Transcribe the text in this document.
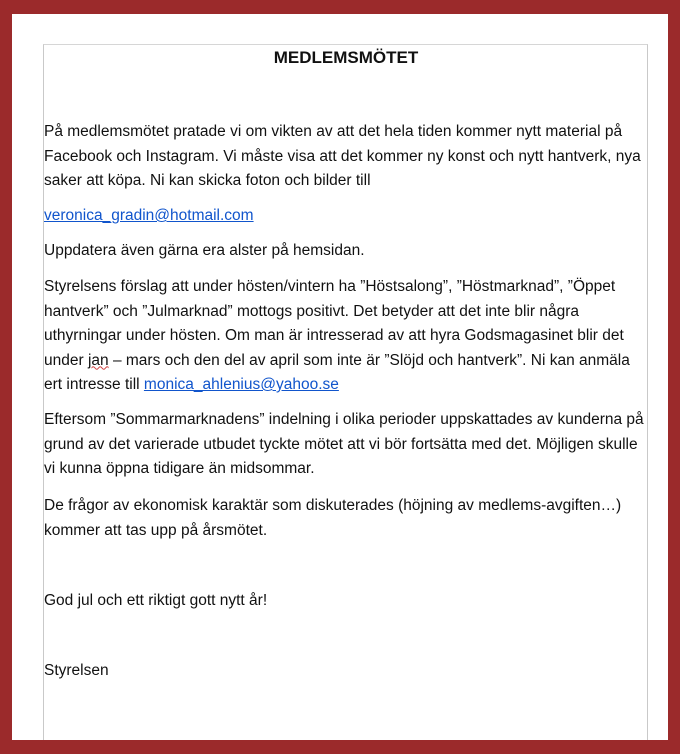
MEDLEMSMÖTET

På medlemsmötet pratade vi om vikten av att det hela tiden kommer nytt material på Facebook och Instagram. Vi måste visa att det kommer ny konst och nytt hantverk, nya saker att köpa. Ni kan skicka foton och bilder till

veronica_gradin@hotmail.com

Uppdatera även gärna era alster på hemsidan.

Styrelsens förslag att under hösten/vintern ha ”Höstsalong”, ”Höstmarknad”, ”Öppet hantverk” och ”Julmarknad” mottogs positivt. Det betyder att det inte blir några uthyrningar under hösten. Om man är intresserad av att hyra Godsmagasinet blir det under jan – mars och den del av april som inte är ”Slöjd och hantverk”. Ni kan anmäla ert intresse till monica_ahlenius@yahoo.se

Eftersom ”Sommarmarknadens” indelning i olika perioder uppskattades av kunderna på grund av det varierade utbudet tyckte mötet att vi bör fortsätta med det. Möjligen skulle vi kunna öppna tidigare än midsommar.

De frågor av ekonomisk karaktär som diskuterades (höjning av medlems-avgiften…) kommer att tas upp på årsmötet.

God jul och ett riktigt gott nytt år!

Styrelsen
